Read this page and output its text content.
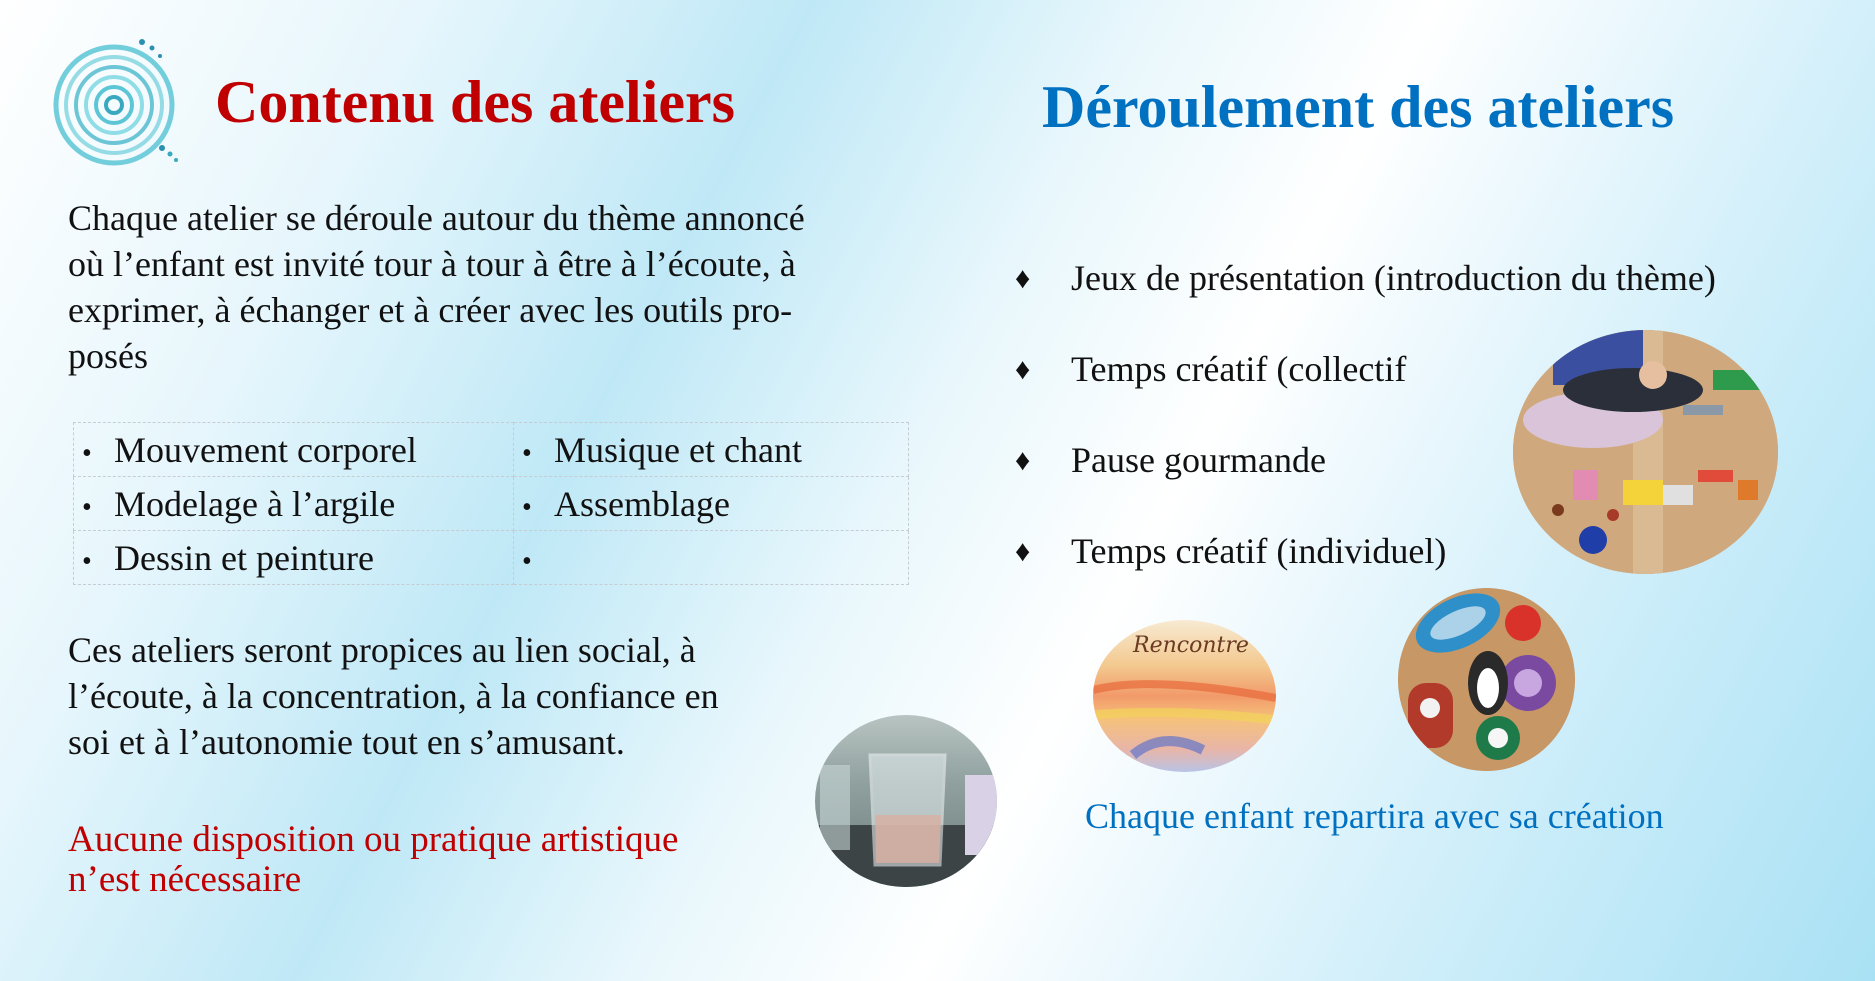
Contenu des ateliers
Chaque atelier se déroule autour du thème annoncé
où l’enfant est invité tour à tour à être à l’écoute, à
exprimer, à échanger et à créer avec les outils pro-
posés
• Mouvement corporel	• Musique et chant
• Modelage à l’argile	• Assemblage
• Dessin et peinture	•
Ces ateliers seront propices au lien social, à
l’écoute, à la concentration, à la confiance en
soi et à l’autonomie tout en s’amusant.
Aucune disposition ou pratique artistique
n’est nécessaire
Déroulement des ateliers
♦	Jeux de présentation (introduction du thème)
♦	Temps créatif (collectif
♦	Pause gourmande
♦	Temps créatif (individuel)
Rencontre
Chaque enfant repartira avec sa création
